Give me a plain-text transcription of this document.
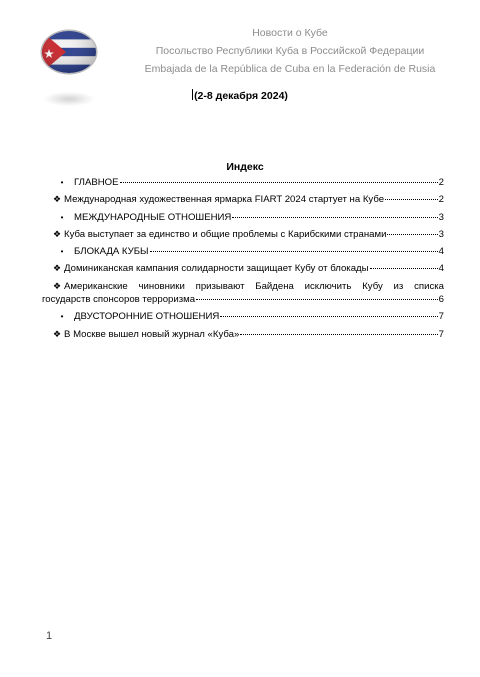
Новости о Кубе
Посольство Республики Куба в Российской Федерации
Embajada de la República de Cuba en la Federación de Rusia
(2-8 декабря 2024)
Индекс
•	ГЛАВНОЕ	2
❖ Международная художественная ярмарка FIART 2024 стартует на Кубе	2
•	МЕЖДУНАРОДНЫЕ ОТНОШЕНИЯ	3
❖ Куба выступает за единство и общие проблемы с Карибскими странами	3
•	БЛОКАДА КУБЫ	4
❖ Доминиканская кампания солидарности защищает Кубу от блокады	4
❖ Американские чиновники призывают Байдена исключить Кубу из списка
государств спонсоров терроризма	6
•	ДВУСТОРОННИЕ ОТНОШЕНИЯ	7
❖ В Москве вышел новый журнал «Куба»	7
1
